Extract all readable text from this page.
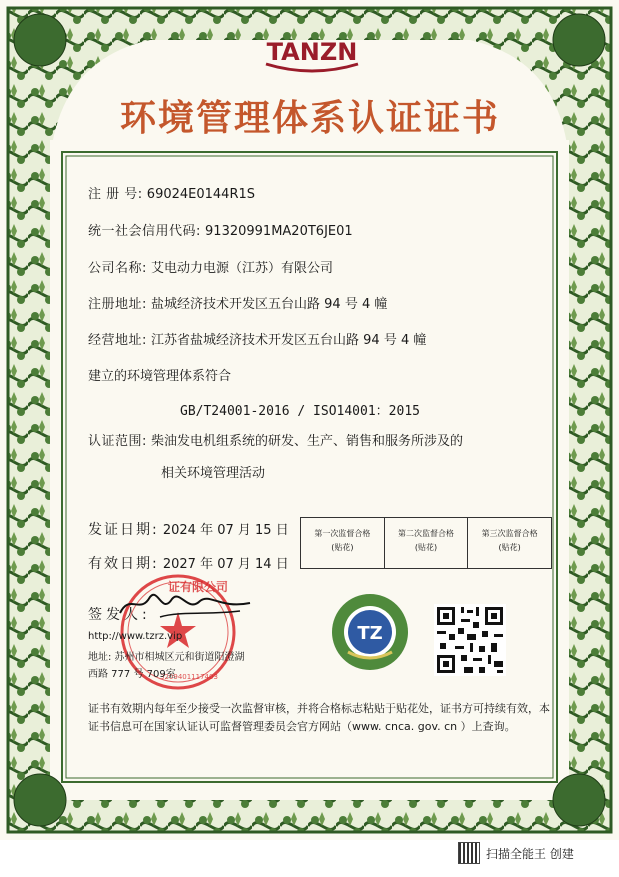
TANZN
环境管理体系认证证书
注 册 号: 69024E0144R1S
统一社会信用代码: 91320991MA20T6JE01
公司名称: 艾电动力电源（江苏）有限公司
注册地址: 盐城经济技术开发区五台山路 94 号 4 幢
经营地址: 江苏省盐城经济技术开发区五台山路 94 号 4 幢
建立的环境管理体系符合
GB/T24001-2016 / ISO14001：2015
认证范围: 柴油发电机组系统的研发、生产、销售和服务所涉及的
相关环境管理活动
发证日期: 2024 年 07 月 15 日
有效日期: 2027 年 07 月 14 日
第一次监督合格
(贴花)
第二次监督合格
(贴花)
第三次监督合格
(贴花)
签发人:
证有限公司
3209401117403
http://www.tzrz.vip
地址: 苏州市相城区元和街道阳澄湖
西路 777 号 709室
TZ
证书有效期内每年至少接受一次监督审核，并将合格标志粘贴于贴花处，证书方可持续有效，本证书信息可在国家认证认可监督管理委员会官方网站（www. cnca. gov. cn ）上查询。
扫描全能王 创建
